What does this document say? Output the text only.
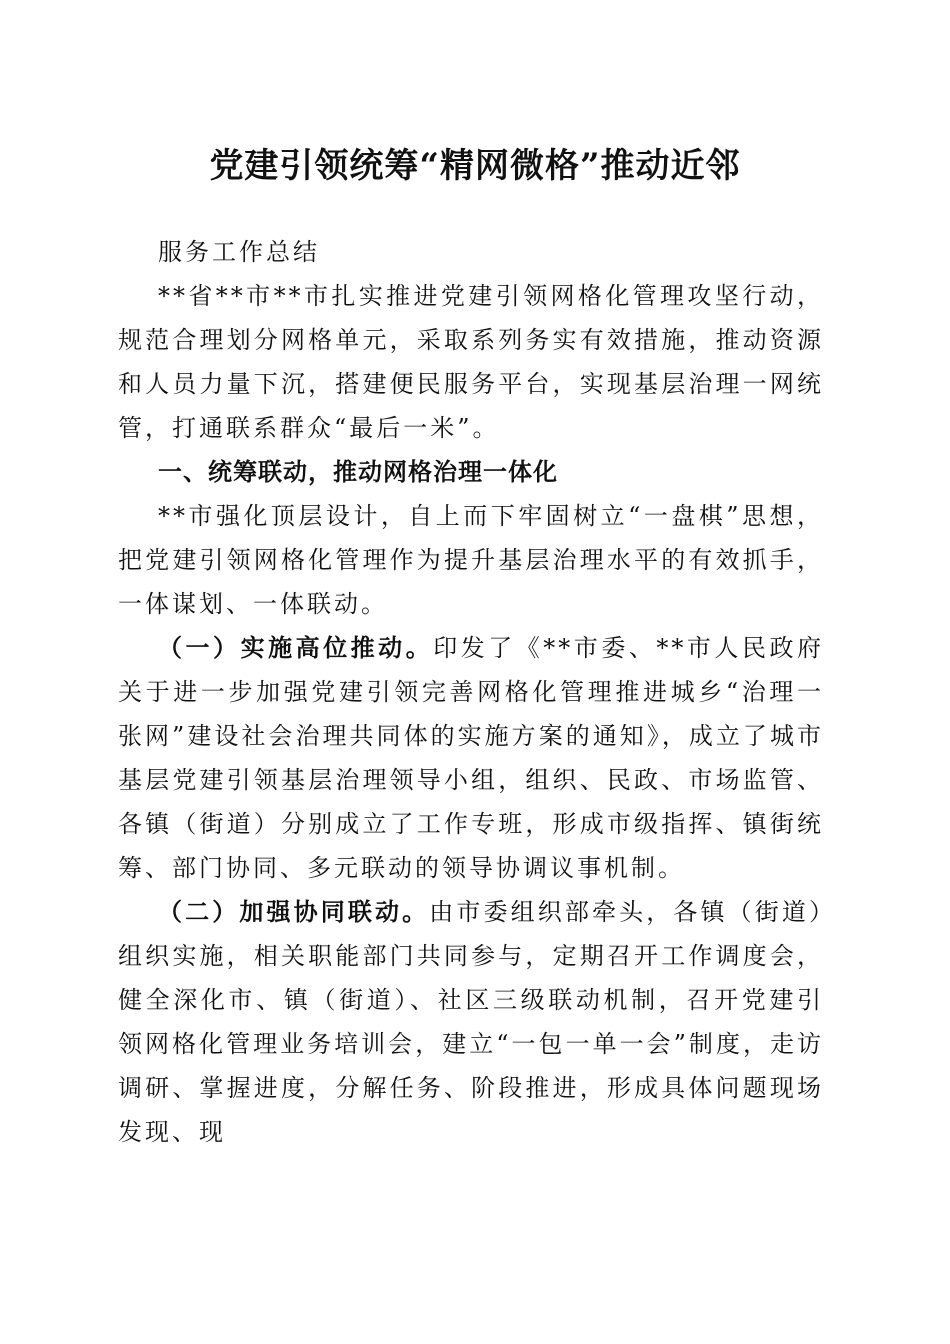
党建引领统筹“精网微格”推动近邻

服务工作总结

**省**市**市扎实推进党建引领网格化管理攻坚行动，规范合理划分网格单元，采取系列务实有效措施，推动资源和人员力量下沉，搭建便民服务平台，实现基层治理一网统管，打通联系群众“最后一米”。

一、统筹联动，推动网格治理一体化

**市强化顶层设计，自上而下牢固树立“一盘棋”思想，把党建引领网格化管理作为提升基层治理水平的有效抓手，一体谋划、一体联动。

（一）实施高位推动。印发了《**市委、**市人民政府关于进一步加强党建引领完善网格化管理推进城乡“治理一张网”建设社会治理共同体的实施方案的通知》，成立了城市基层党建引领基层治理领导小组，组织、民政、市场监管、各镇（街道）分别成立了工作专班，形成市级指挥、镇街统筹、部门协同、多元联动的领导协调议事机制。

（二）加强协同联动。由市委组织部牵头，各镇（街道）组织实施，相关职能部门共同参与，定期召开工作调度会，健全深化市、镇（街道）、社区三级联动机制，召开党建引领网格化管理业务培训会，建立“一包一单一会”制度，走访调研、掌握进度，分解任务、阶段推进，形成具体问题现场发现、现
